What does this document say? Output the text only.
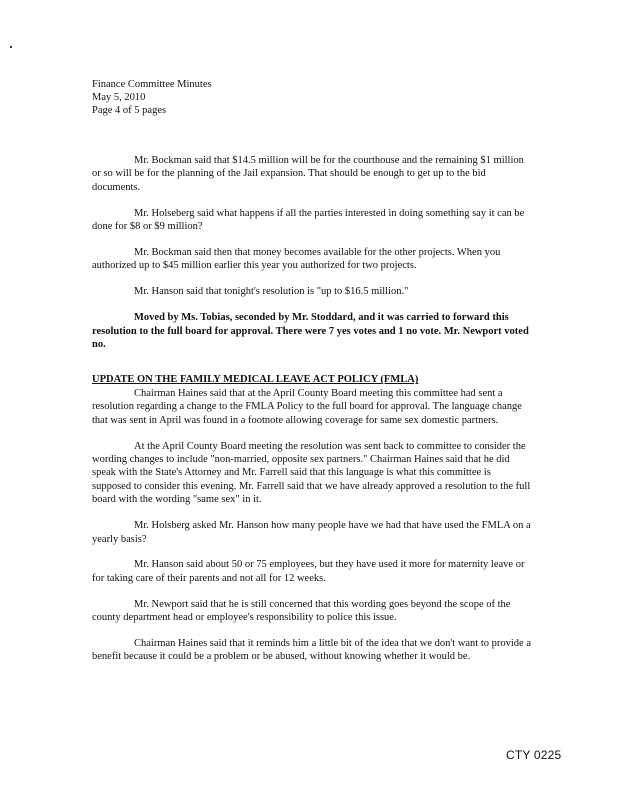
Finance Committee Minutes
May 5, 2010
Page 4 of 5 pages

Mr. Bockman said that $14.5 million will be for the courthouse and the remaining $1 million or so will be for the planning of the Jail expansion. That should be enough to get up to the bid documents.

Mr. Holseberg said what happens if all the parties interested in doing something say it can be done for $8 or $9 million?

Mr. Bockman said then that money becomes available for the other projects. When you authorized up to $45 million earlier this year you authorized for two projects.

Mr. Hanson said that tonight's resolution is "up to $16.5 million."

Moved by Ms. Tobias, seconded by Mr. Stoddard, and it was carried to forward this resolution to the full board for approval. There were 7 yes votes and 1 no vote. Mr. Newport voted no.

UPDATE ON THE FAMILY MEDICAL LEAVE ACT POLICY (FMLA)

Chairman Haines said that at the April County Board meeting this committee had sent a resolution regarding a change to the FMLA Policy to the full board for approval. The language change that was sent in April was found in a footnote allowing coverage for same sex domestic partners.

At the April County Board meeting the resolution was sent back to committee to consider the wording changes to include "non-married, opposite sex partners." Chairman Haines said that he did speak with the State's Attorney and Mr. Farrell said that this language is what this committee is supposed to consider this evening. Mr. Farrell said that we have already approved a resolution to the full board with the wording "same sex" in it.

Mr. Holsberg asked Mr. Hanson how many people have we had that have used the FMLA on a yearly basis?

Mr. Hanson said about 50 or 75 employees, but they have used it more for maternity leave or for taking care of their parents and not all for 12 weeks.

Mr. Newport said that he is still concerned that this wording goes beyond the scope of the county department head or employee's responsibility to police this issue.

Chairman Haines said that it reminds him a little bit of the idea that we don't want to provide a benefit because it could be a problem or be abused, without knowing whether it would be.

CTY 0225
